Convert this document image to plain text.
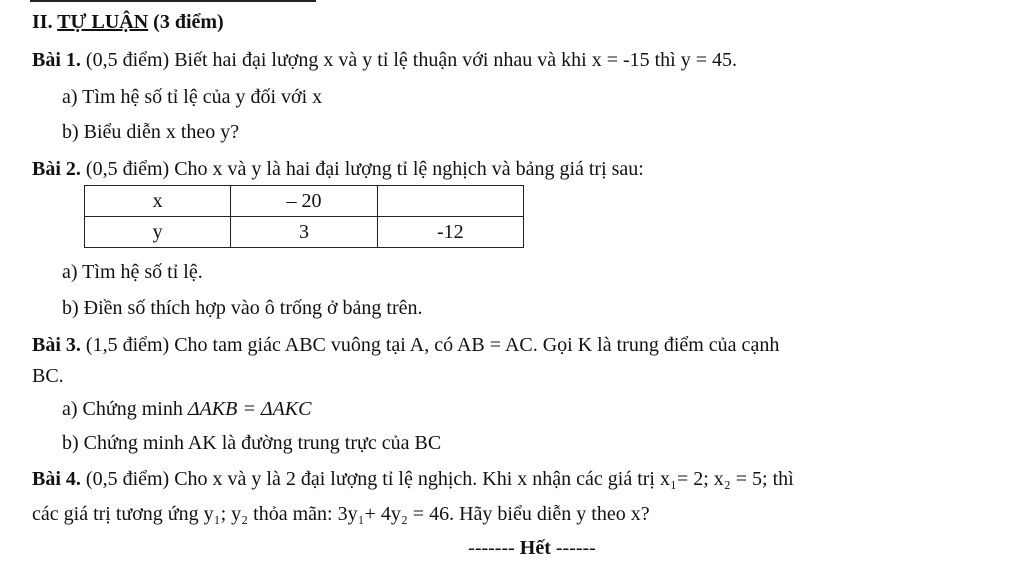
II. TỰ LUẬN (3 điểm)
Bài 1. (0,5 điểm) Biết hai đại lượng x và y tỉ lệ thuận với nhau và khi x = -15 thì y = 45.
a) Tìm hệ số tỉ lệ của y đối với x
b) Biểu diễn x theo y?
Bài 2. (0,5 điểm) Cho x và y là hai đại lượng tỉ lệ nghịch và bảng giá trị sau:
x	– 20	
y	3	-12
a) Tìm hệ số tỉ lệ.
b) Điền số thích hợp vào ô trống ở bảng trên.
Bài 3. (1,5 điểm) Cho tam giác ABC vuông tại A, có AB = AC. Gọi K là trung điểm của cạnh
BC.
a) Chứng minh ΔAKB = ΔAKC
b) Chứng minh AK là đường trung trực của BC
Bài 4. (0,5 điểm) Cho x và y là 2 đại lượng tỉ lệ nghịch. Khi x nhận các giá trị x₁= 2; x₂ = 5; thì
các giá trị tương ứng y₁; y₂ thỏa mãn: 3y₁+ 4y₂ = 46. Hãy biểu diễn y theo x?
------- Hết ------
